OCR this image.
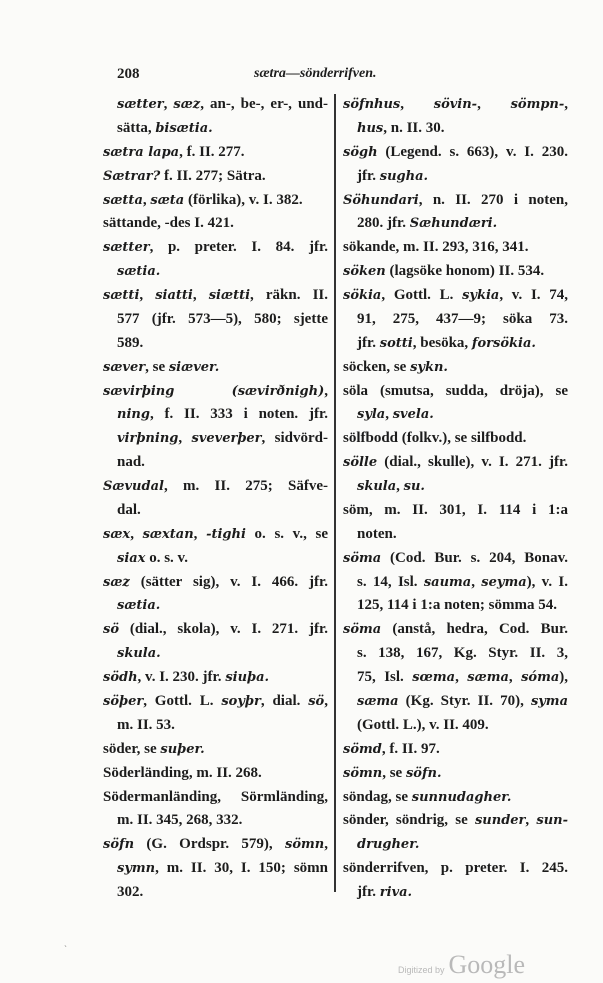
208	sætra—sönderrifven.
sætter, sæz, an-, be-, er-, und-
sätta, bisætia.
sætra lapa, f. II. 277.
Sætrar? f. II. 277; Sätra.
sætta, sæta (förlika), v. I. 382.
sättande, -des I. 421.
sætter, p. preter. I. 84. jfr.
sætia.
sætti, siatti, siætti, räkn. II.
577 (jfr. 573—5), 580; sjette
589.
sæver, se siæver.
sævirþing (sævirðnigh),
ning, f. II. 333 i noten. jfr.
virþning, sveverþer, sidvörd-
nad.
Sævudal, m. II. 275; Säfve-
dal.
sæx, sæxtan, -tighi o. s. v., se
siax o. s. v.
sæz (sätter sig), v. I. 466. jfr.
sætia.
sö (dial., skola), v. I. 271. jfr.
skula.
södh, v. I. 230. jfr. siuþa.
söþer, Gottl. L. soyþr, dial. sö,
m. II. 53.
söder, se suþer.
Söderländing, m. II. 268.
Södermanländing, Sörmländing,
m. II. 345, 268, 332.
söfn (G. Ordspr. 579), sömn,
symn, m. II. 30, I. 150; sömn
302.
söfnhus, sövin-, sömpn-,
hus, n. II. 30.
sögh (Legend. s. 663), v. I. 230.
jfr. sugha.
Söhundari, n. II. 270 i noten,
280. jfr. Sæhundæri.
sökande, m. II. 293, 316, 341.
söken (lagsöke honom) II. 534.
sökia, Gottl. L. sykia, v. I. 74,
91, 275, 437—9; söka 73.
jfr. sotti, besöka, forsökia.
söcken, se sykn.
söla (smutsa, sudda, dröja), se
syla, svela.
sölfbodd (folkv.), se silfbodd.
sölle (dial., skulle), v. I. 271. jfr.
skula, su.
söm, m. II. 301, I. 114 i 1:a
noten.
söma (Cod. Bur. s. 204, Bonav.
s. 14, Isl. sauma, seyma), v. I.
125, 114 i 1:a noten; sömma 54.
söma (anstå, hedra, Cod. Bur.
s. 138, 167, Kg. Styr. II. 3,
75, Isl. sœma, sæma, sóma),
sæma (Kg. Styr. II. 70), syma
(Gottl. L.), v. II. 409.
sömd, f. II. 97.
sömn, se söfn.
söndag, se sunnudagher.
sönder, söndrig, se sunder, sun-
drugher.
sönderrifven, p. preter. I. 245.
jfr. riva.
`
Digitized by Google
